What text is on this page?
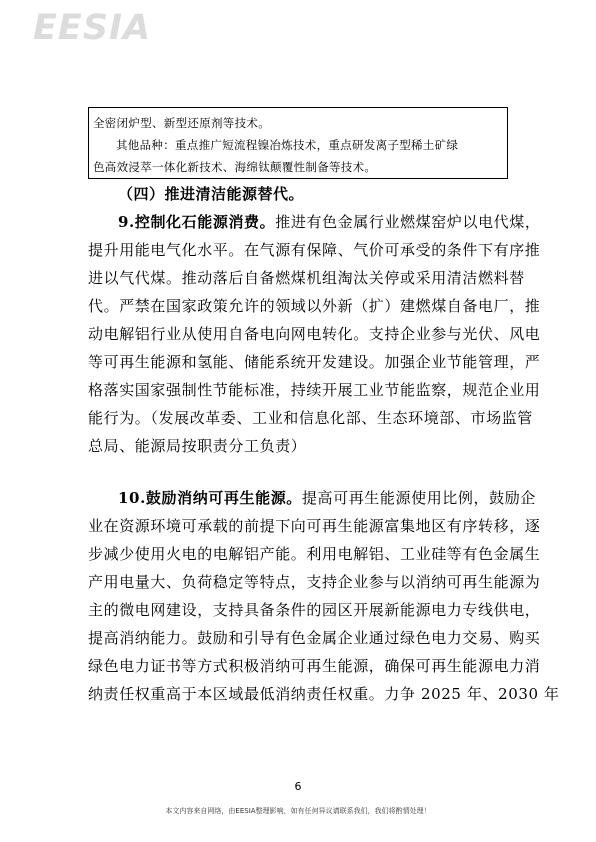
EESIA

全密闭炉型、新型还原剂等技术。

其他品种：重点推广短流程镍冶炼技术，重点研发离子型稀土矿绿

色高效浸萃一体化新技术、海绵钛颠覆性制备等技术。

（四）推进清洁能源替代。
9.控制化石能源消费。推进有色金属行业燃煤窑炉以电代煤，
提升用能电气化水平。在气源有保障、气价可承受的条件下有序推
进以气代煤。推动落后自备燃煤机组淘汰关停或采用清洁燃料替
代。严禁在国家政策允许的领域以外新（扩）建燃煤自备电厂，推
动电解铝行业从使用自备电向网电转化。支持企业参与光伏、风电
等可再生能源和氢能、储能系统开发建设。加强企业节能管理，严
格落实国家强制性节能标准，持续开展工业节能监察，规范企业用
能行为。（发展改革委、工业和信息化部、生态环境部、市场监管
总局、能源局按职责分工负责）
10.鼓励消纳可再生能源。提高可再生能源使用比例，鼓励企
业在资源环境可承载的前提下向可再生能源富集地区有序转移，逐
步减少使用火电的电解铝产能。利用电解铝、工业硅等有色金属生
产用电量大、负荷稳定等特点，支持企业参与以消纳可再生能源为
主的微电网建设，支持具备条件的园区开展新能源电力专线供电，
提高消纳能力。鼓励和引导有色金属企业通过绿色电力交易、购买
绿色电力证书等方式积极消纳可再生能源，确保可再生能源电力消
纳责任权重高于本区域最低消纳责任权重。力争 2025 年、2030 年
6
本文内容来自网络，由EESIA整理影响，如有任何异议请联系我们，我们将酌情处理！
